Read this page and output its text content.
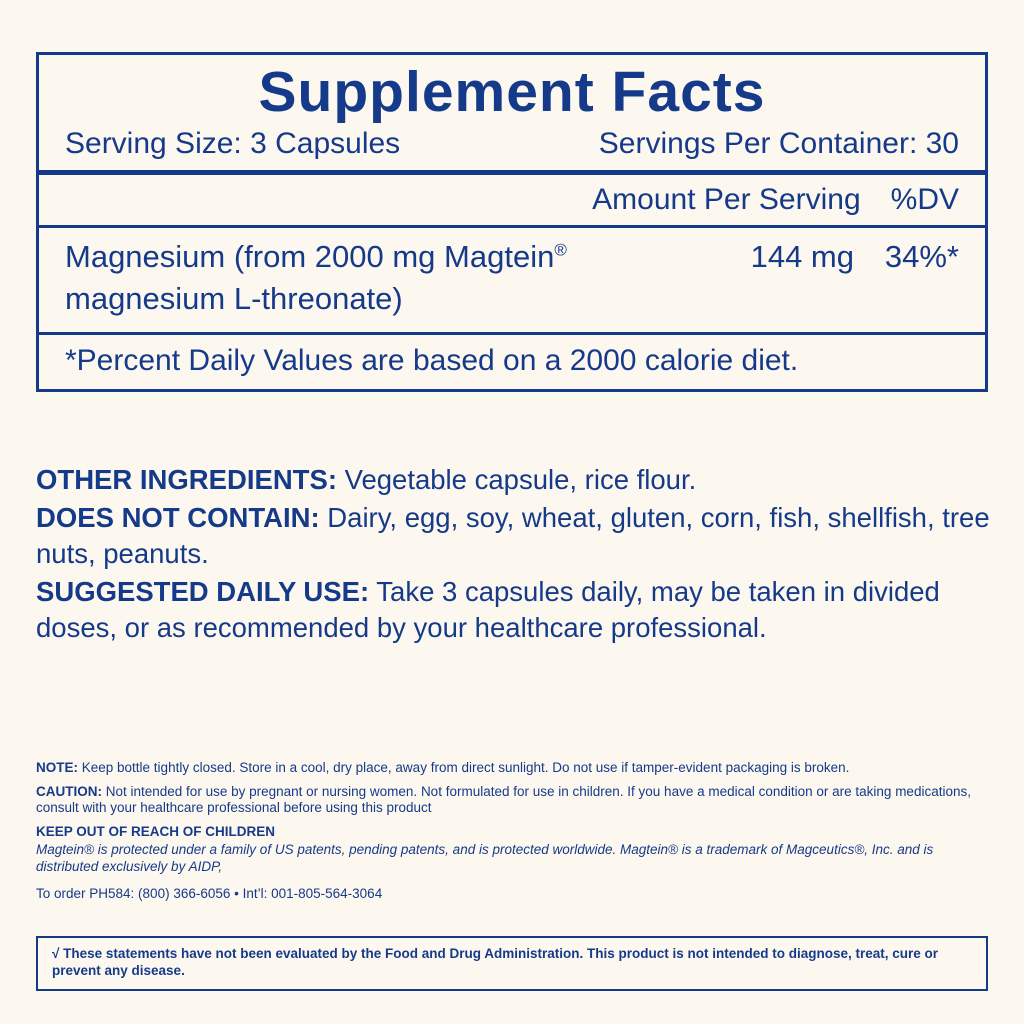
Supplement Facts
Serving Size: 3 Capsules	Servings Per Container: 30
Amount Per Serving %DV
Magnesium (from 2000 mg Magtein®
magnesium L-threonate)
144 mg 34%*
*Percent Daily Values are based on a 2000 calorie diet.

OTHER INGREDIENTS: Vegetable capsule, rice flour.

DOES NOT CONTAIN: Dairy, egg, soy, wheat, gluten, corn, fish, shellfish, tree nuts, peanuts.

SUGGESTED DAILY USE: Take 3 capsules daily, may be taken in divided doses, or as recommended by your healthcare professional.

NOTE: Keep bottle tightly closed. Store in a cool, dry place, away from direct sunlight. Do not use if tamper-evident packaging is broken.

CAUTION: Not intended for use by pregnant or nursing women. Not formulated for use in children. If you have a medical condition or are taking medications, consult with your healthcare professional before using this product

KEEP OUT OF REACH OF CHILDREN

Magtein® is protected under a family of US patents, pending patents, and is protected worldwide. Magtein® is a trademark of Magceutics®, Inc. and is distributed exclusively by AIDP,

To order PH584: (800) 366-6056 • Int’l: 001-805-564-3064

√ These statements have not been evaluated by the Food and Drug Administration. This product is not intended to diagnose, treat, cure or prevent any disease.
